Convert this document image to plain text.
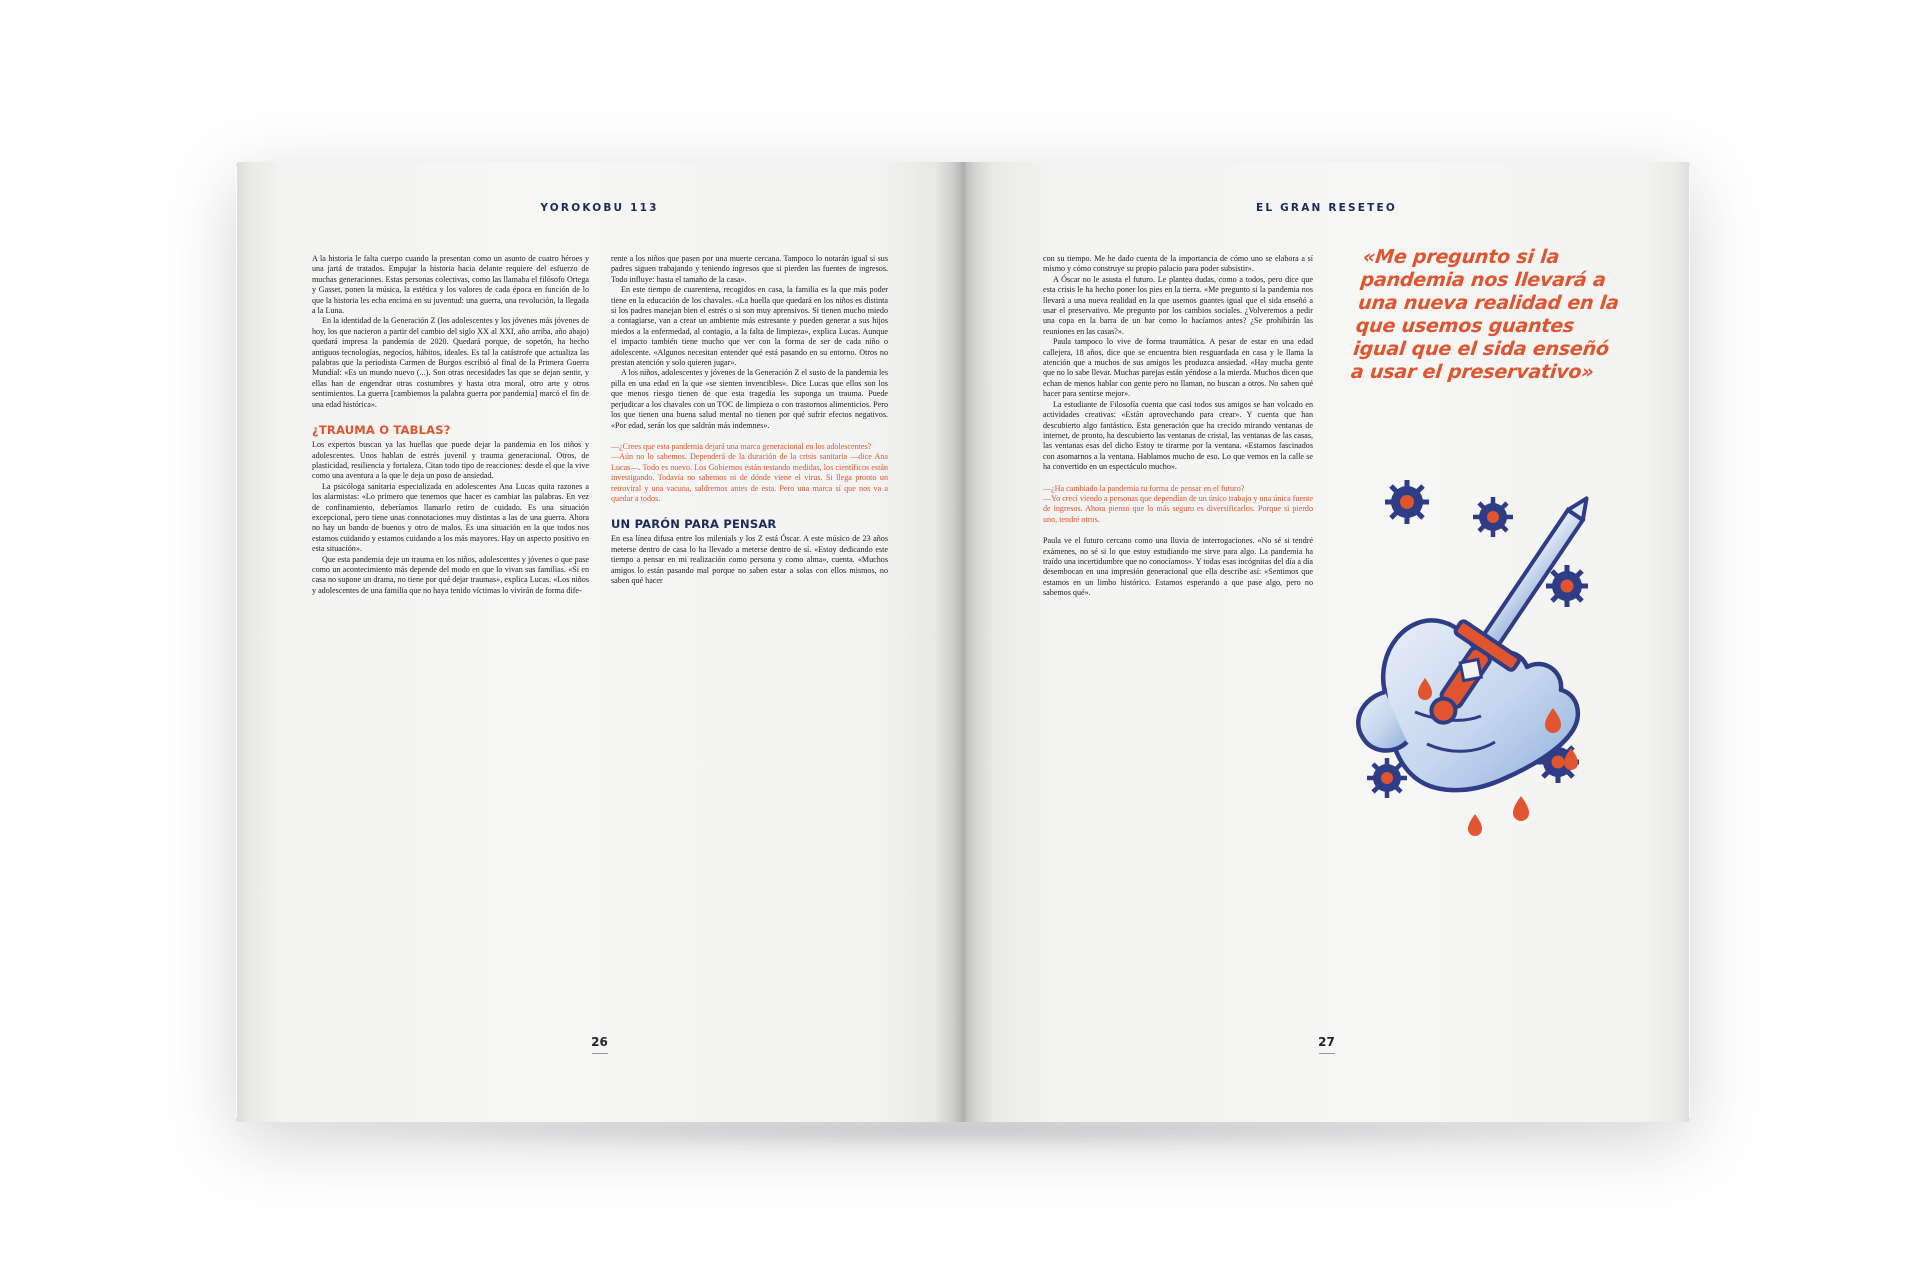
YOROKOBU 113

A la historia le falta cuerpo cuando la presentan como un asunto de cuatro héroes y una jartá de tratados. Empujar la historia hacia delante requiere del esfuerzo de muchas generaciones. Estas personas colectivas, como las llamaba el filósofo Ortega y Gasset, ponen la música, la estética y los valores de cada época en función de lo que la historia les echa encima en su juventud: una guerra, una revolución, la llegada a la Luna.

En la identidad de la Generación Z (los adolescentes y los jóvenes más jóvenes de hoy, los que nacieron a partir del cambio del siglo XX al XXI, año arriba, año abajo) quedará impresa la pandemia de 2020. Quedará porque, de sopetón, ha hecho antiguos tecnologías, negocios, hábitos, ideales. Es tal la catástrofe que actualiza las palabras que la periodista Carmen de Burgos escribió al final de la Primera Guerra Mundial: «Es un mundo nuevo (...). Son otras necesidades las que se dejan sentir, y ellas han de engendrar otras costumbres y hasta otra moral, otro arte y otros sentimientos. La guerra [cambiemos la palabra guerra por pandemia] marcó el fin de una edad histórica».

¿TRAUMA O TABLAS?

Los expertos buscan ya las huellas que puede dejar la pandemia en los niños y adolescentes. Unos hablan de estrés juvenil y trauma generacional. Otros, de plasticidad, resiliencia y fortaleza. Citan todo tipo de reacciones: desde el que la vive como una aventura a la que le deja un poso de ansiedad.

La psicóloga sanitaria especializada en adolescentes Ana Lucas quita razones a los alarmistas: «Lo primero que tenemos que hacer es cambiar las palabras. En vez de confinamiento, deberíamos llamarlo retiro de cuidado. Es una situación excepcional, pero tiene unas connotaciones muy distintas a las de una guerra. Ahora no hay un bando de buenos y otro de malos. Es una situación en la que todos nos estamos cuidando y estamos cuidando a los más mayores. Hay un aspecto positivo en esta situación».

Que esta pandemia deje un trauma en los niños, adolescentes y jóvenes o que pase como un acontecimiento más depende del modo en que lo vivan sus familias. «Si en casa no supone un drama, no tiene por qué dejar traumas», explica Lucas. «Los niños y adolescentes de una familia que no haya tenido víctimas lo vivirán de forma dife-

rente a los niños que pasen por una muerte cercana. Tampoco lo notarán igual si sus padres siguen trabajando y teniendo ingresos que si pierden las fuentes de ingresos. Todo influye: hasta el tamaño de la casa».

En este tiempo de cuarentena, recogidos en casa, la familia es la que más poder tiene en la educación de los chavales. «La huella que quedará en los niños es distinta si los padres manejan bien el estrés o si son muy aprensivos. Si tienen mucho miedo a contagiarse, van a crear un ambiente más estresante y pueden generar a sus hijos miedos a la enfermedad, al contagio, a la falta de limpieza», explica Lucas. Aunque el impacto también tiene mucho que ver con la forma de ser de cada niño o adolescente. «Algunos necesitan entender qué está pasando en su entorno. Otros no prestan atención y solo quieren jugar».

A los niños, adolescentes y jóvenes de la Generación Z el susto de la pandemia les pilla en una edad en la que «se sienten invencibles». Dice Lucas que ellos son los que menos riesgo tienen de que esta tragedia les suponga un trauma. Puede perjudicar a los chavales con un TOC de limpieza o con trastornos alimenticios. Pero los que tienen una buena salud mental no tienen por qué sufrir efectos negativos. «Por edad, serán los que saldrán más indemnes».

—¿Crees que esta pandemia dejará una marca generacional en los adolescentes?

—Aún no lo sabemos. Dependerá de la duración de la crisis sanitaria —dice Ana Lucas—. Todo es nuevo. Los Gobiernos están testando medidas, los científicos están investigando. Todavía no sabemos ni de dónde viene el virus. Si llega pronto un retroviral y una vacuna, saldremos antes de esta. Pero una marca sí que nos va a quedar a todos.

UN PARÓN PARA PENSAR

En esa línea difusa entre los milenials y los Z está Óscar. A este músico de 23 años meterse dentro de casa lo ha llevado a meterse dentro de sí. «Estoy dedicando este tiempo a pensar en mi realización como persona y como alma», cuenta. «Muchos amigos lo están pasando mal porque no saben estar a solas con ellos mismos, no saben qué hacer

26
EL GRAN RESETEO

con su tiempo. Me he dado cuenta de la importancia de cómo uno se elabora a sí mismo y cómo construye su propio palacio para poder subsistir».

A Óscar no le asusta el futuro. Le plantea dudas, como a todos, pero dice que esta crisis le ha hecho poner los pies en la tierra. «Me pregunto si la pandemia nos llevará a una nueva realidad en la que usemos guantes igual que el sida enseñó a usar el preservativo. Me pregunto por los cambios sociales. ¿Volveremos a pedir una copa en la barra de un bar como lo hacíamos antes? ¿Se prohibirán las reuniones en las casas?».

Paula tampoco lo vive de forma traumática. A pesar de estar en una edad callejera, 18 años, dice que se encuentra bien resguardada en casa y le llama la atención que a muchos de sus amigos les produzca ansiedad. «Hay mucha gente que no lo sabe llevar. Muchas parejas están yéndose a la mierda. Muchos dicen que echan de menos hablar con gente pero no llaman, no buscan a otros. No saben qué hacer para sentirse mejor».

La estudiante de Filosofía cuenta que casi todos sus amigos se han volcado en actividades creativas: «Están aprovechando para crear». Y cuenta que han descubierto algo fantástico. Esta generación que ha crecido mirando ventanas de internet, de pronto, ha descubierto las ventanas de cristal, las ventanas de las casas, las ventanas esas del dicho Estoy te tirarme por la ventana. «Estamos fascinados con asomarnos a la ventana. Hablamos mucho de eso. Lo que vemos en la calle se ha convertido en un espectáculo mucho».

—¿Ha cambiado la pandemia tu forma de pensar en el futuro?

—Yo crecí viendo a personas que dependían de un único trabajo y una única fuente de ingresos. Ahora pienso que lo más seguro es diversificarlos. Porque si pierdo uno, tendré otros.

Paula ve el futuro cercano como una lluvia de interrogaciones. «No sé si tendré exámenes, no sé si lo que estoy estudiando me sirve para algo. La pandemia ha traído una incertidumbre que no conocíamos». Y todas esas incógnitas del día a día desembocan en una impresión generacional que ella describe así: «Sentimos que estamos en un limbo histórico. Estamos esperando a que pase algo, pero no sabemos qué».

«Me pregunto si la pandemia nos llevará a una nueva realidad en la que usemos guantes igual que el sida enseñó a usar el preservativo»
27
